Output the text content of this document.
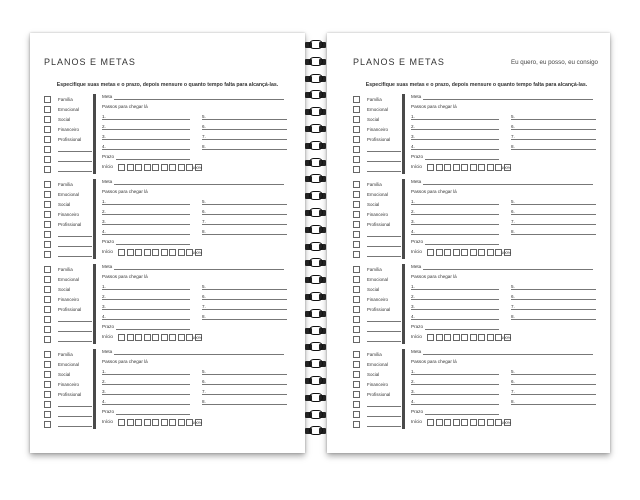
PLANOS E METAS
Especifique suas metas e o prazo, depois mensure o quanto tempo falta para alcançá-las.
Família
Emocional
Social
Financeiro
Profissional
Meta
Passos para chegar lá
1.	5.
2.	6.
3.	7.
4.	8.
Prazo
Início	100%
Família
Emocional
Social
Financeiro
Profissional
Meta
Passos para chegar lá
1.	5.
2.	6.
3.	7.
4.	8.
Prazo
Início	100%
Família
Emocional
Social
Financeiro
Profissional
Meta
Passos para chegar lá
1.	5.
2.	6.
3.	7.
4.	8.
Prazo
Início	100%
Família
Emocional
Social
Financeiro
Profissional
Meta
Passos para chegar lá
1.	5.
2.	6.
3.	7.
4.	8.
Prazo
Início	100%
PLANOS E METAS	Eu quero, eu posso, eu consigo
Especifique suas metas e o prazo, depois mensure o quanto tempo falta para alcançá-las.
Família
Emocional
Social
Financeiro
Profissional
Meta
Passos para chegar lá
1.	5.
2.	6.
3.	7.
4.	8.
Prazo
Início	100%
Família
Emocional
Social
Financeiro
Profissional
Meta
Passos para chegar lá
1.	5.
2.	6.
3.	7.
4.	8.
Prazo
Início	100%
Família
Emocional
Social
Financeiro
Profissional
Meta
Passos para chegar lá
1.	5.
2.	6.
3.	7.
4.	8.
Prazo
Início	100%
Família
Emocional
Social
Financeiro
Profissional
Meta
Passos para chegar lá
1.	5.
2.	6.
3.	7.
4.	8.
Prazo
Início	100%
